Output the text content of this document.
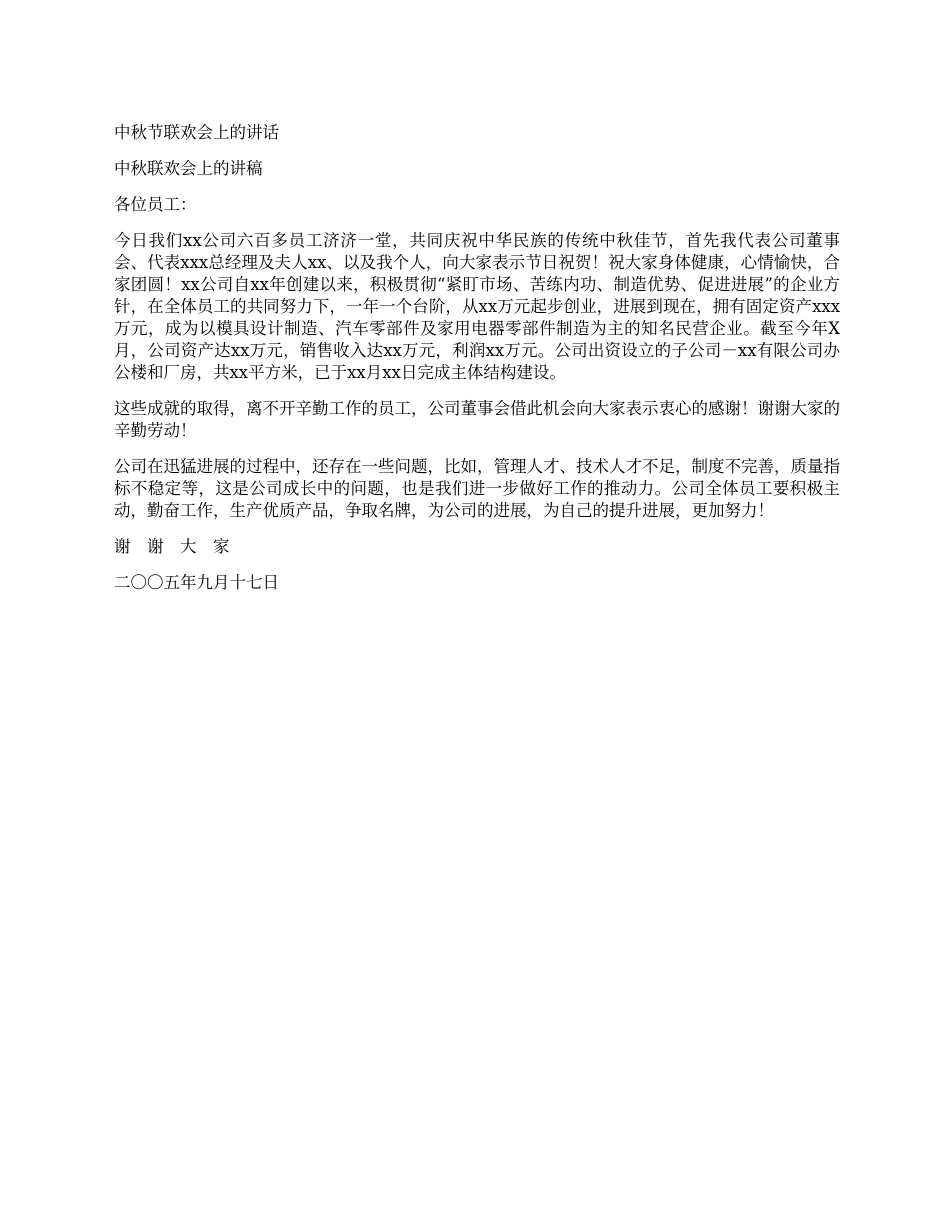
中秋节联欢会上的讲话

中秋联欢会上的讲稿

各位员工：

今日我们xx公司六百多员工济济一堂，共同庆祝中华民族的传统中秋佳节，首先我代表公司董事会、代表xxx总经理及夫人xx、以及我个人，向大家表示节日祝贺！祝大家身体健康，心情愉快，合家团圆！xx公司自xx年创建以来，积极贯彻“紧盯市场、苦练内功、制造优势、促进进展”的企业方针，在全体员工的共同努力下，一年一个台阶，从xx万元起步创业，进展到现在，拥有固定资产xxx万元，成为以模具设计制造、汽车零部件及家用电器零部件制造为主的知名民营企业。截至今年X月，公司资产达xx万元，销售收入达xx万元，利润xx万元。公司出资设立的子公司－xx有限公司办公楼和厂房，共xx平方米，已于xx月xx日完成主体结构建设。

这些成就的取得，离不开辛勤工作的员工，公司董事会借此机会向大家表示衷心的感谢！谢谢大家的辛勤劳动！

公司在迅猛进展的过程中，还存在一些问题，比如，管理人才、技术人才不足，制度不完善，质量指标不稳定等，这是公司成长中的问题，也是我们进一步做好工作的推动力。公司全体员工要积极主动，勤奋工作，生产优质产品，争取名牌，为公司的进展，为自己的提升进展，更加努力！

谢　谢　大　家

二〇〇五年九月十七日
